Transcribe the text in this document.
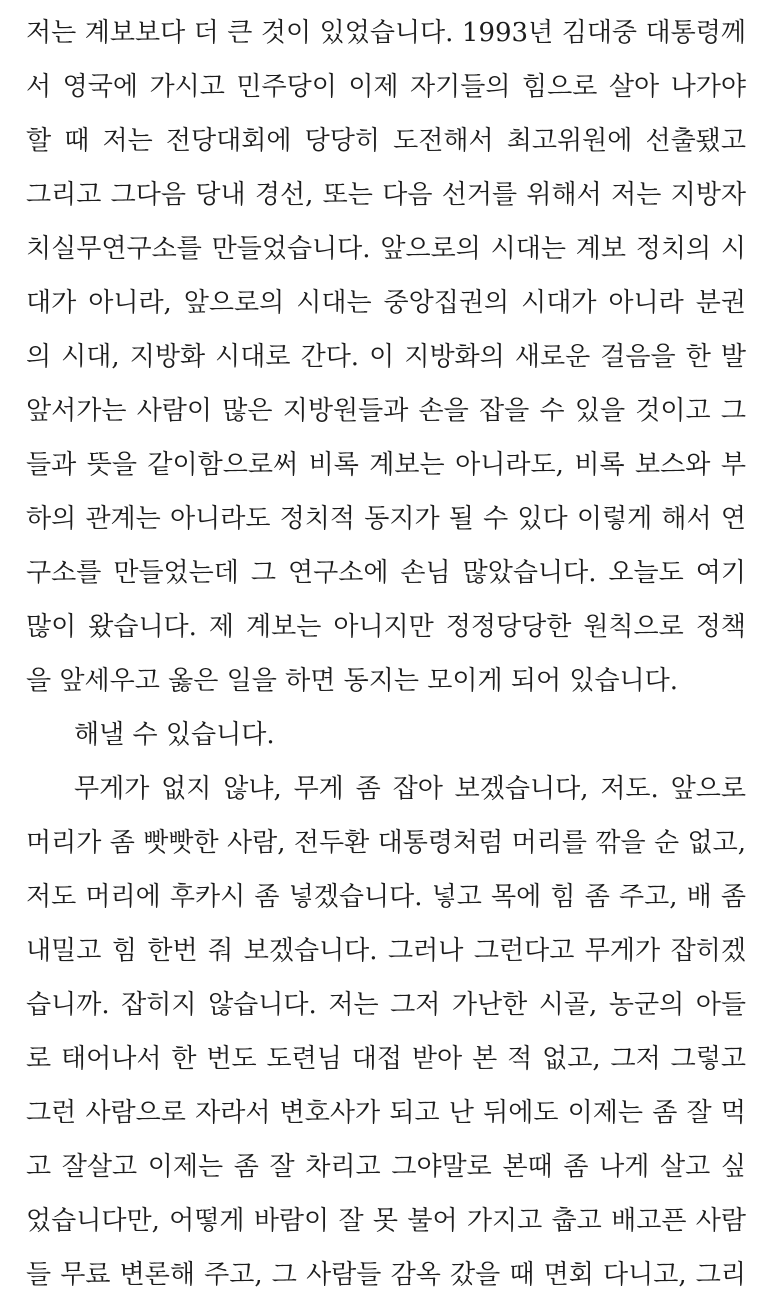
저는 계보보다 더 큰 것이 있었습니다. 1993년 김대중 대통령께

서 영국에 가시고 민주당이 이제 자기들의 힘으로 살아 나가야

할 때 저는 전당대회에 당당히 도전해서 최고위원에 선출됐고

그리고 그다음 당내 경선, 또는 다음 선거를 위해서 저는 지방자

치실무연구소를 만들었습니다. 앞으로의 시대는 계보 정치의 시

대가 아니라, 앞으로의 시대는 중앙집권의 시대가 아니라 분권

의 시대, 지방화 시대로 간다. 이 지방화의 새로운 걸음을 한 발

앞서가는 사람이 많은 지방원들과 손을 잡을 수 있을 것이고 그

들과 뜻을 같이함으로써 비록 계보는 아니라도, 비록 보스와 부

하의 관계는 아니라도 정치적 동지가 될 수 있다 이렇게 해서 연

구소를 만들었는데 그 연구소에 손님 많았습니다. 오늘도 여기

많이 왔습니다. 제 계보는 아니지만 정정당당한 원칙으로 정책

을 앞세우고 옳은 일을 하면 동지는 모이게 되어 있습니다.

해낼 수 있습니다.

무게가 없지 않냐, 무게 좀 잡아 보겠습니다, 저도. 앞으로

머리가 좀 빳빳한 사람, 전두환 대통령처럼 머리를 깎을 순 없고,

저도 머리에 후카시 좀 넣겠습니다. 넣고 목에 힘 좀 주고, 배 좀

내밀고 힘 한번 줘 보겠습니다. 그러나 그런다고 무게가 잡히겠

습니까. 잡히지 않습니다. 저는 그저 가난한 시골, 농군의 아들

로 태어나서 한 번도 도련님 대접 받아 본 적 없고, 그저 그렇고

그런 사람으로 자라서 변호사가 되고 난 뒤에도 이제는 좀 잘 먹

고 잘살고 이제는 좀 잘 차리고 그야말로 본때 좀 나게 살고 싶

었습니다만, 어떻게 바람이 잘 못 불어 가지고 춥고 배고픈 사람

들 무료 변론해 주고, 그 사람들 감옥 갔을 때 면회 다니고, 그리
